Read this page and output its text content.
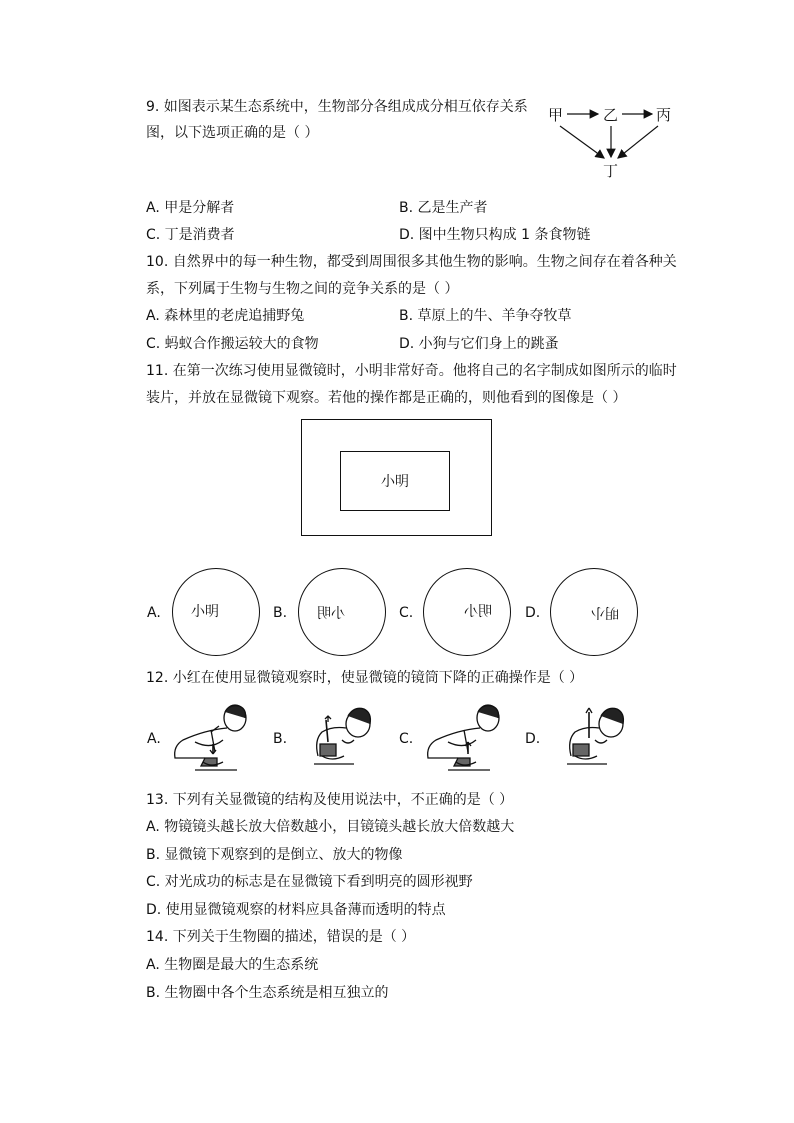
9. 如图表示某生态系统中，生物部分各组成成分相互依存关系
图，以下选项正确的是（ ）
甲	乙	丙
丁
A. 甲是分解者	B. 乙是生产者
C. 丁是消费者	D. 图中生物只构成 1 条食物链
10. 自然界中的每一种生物，都受到周围很多其他生物的影响。生物之间存在着各种关
系，下列属于生物与生物之间的竞争关系的是（ ）
A. 森林里的老虎追捕野兔	B. 草原上的牛、羊争夺牧草
C. 蚂蚁合作搬运较大的食物	D. 小狗与它们身上的跳蚤
11. 在第一次练习使用显微镜时，小明非常好奇。他将自己的名字制成如图所示的临时
装片，并放在显微镜下观察。若他的操作都是正确的，则他看到的图像是（ ）
小明
A. 小明	B. 小明	C.	明小 D.	明小
12. 小红在使用显微镜观察时，使显微镜的镜筒下降的正确操作是（ ）
A.	B.	C.	D.
13. 下列有关显微镜的结构及使用说法中，不正确的是（ ）
A. 物镜镜头越长放大倍数越小，目镜镜头越长放大倍数越大
B. 显微镜下观察到的是倒立、放大的物像
C. 对光成功的标志是在显微镜下看到明亮的圆形视野
D. 使用显微镜观察的材料应具备薄而透明的特点
14. 下列关于生物圈的描述，错误的是（ ）
A. 生物圈是最大的生态系统
B. 生物圈中各个生态系统是相互独立的
